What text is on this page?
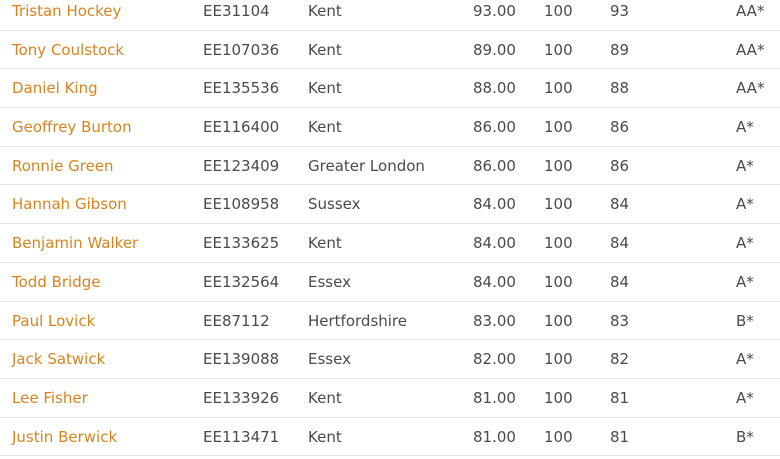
Tristan Hockey	EE31104	Kent	93.00 100 93	AA*
Tony Coulstock	EE107036 Kent	89.00 100 89	AA*
Daniel King	EE135536 Kent	88.00 100 88	AA*
Geoffrey Burton	EE116400 Kent	86.00 100 86	A*
Ronnie Green	EE123409 Greater London	86.00 100 86	A*
Hannah Gibson	EE108958 Sussex	84.00 100 84	A*
Benjamin Walker	EE133625 Kent	84.00 100 84	A*
Todd Bridge	EE132564 Essex	84.00 100 84	A*
Paul Lovick	EE87112	Hertfordshire	83.00 100 83	B*
Jack Satwick	EE139088 Essex	82.00 100 82	A*
Lee Fisher	EE133926 Kent	81.00 100 81	A*
Justin Berwick	EE113471 Kent	81.00 100 81	B*
